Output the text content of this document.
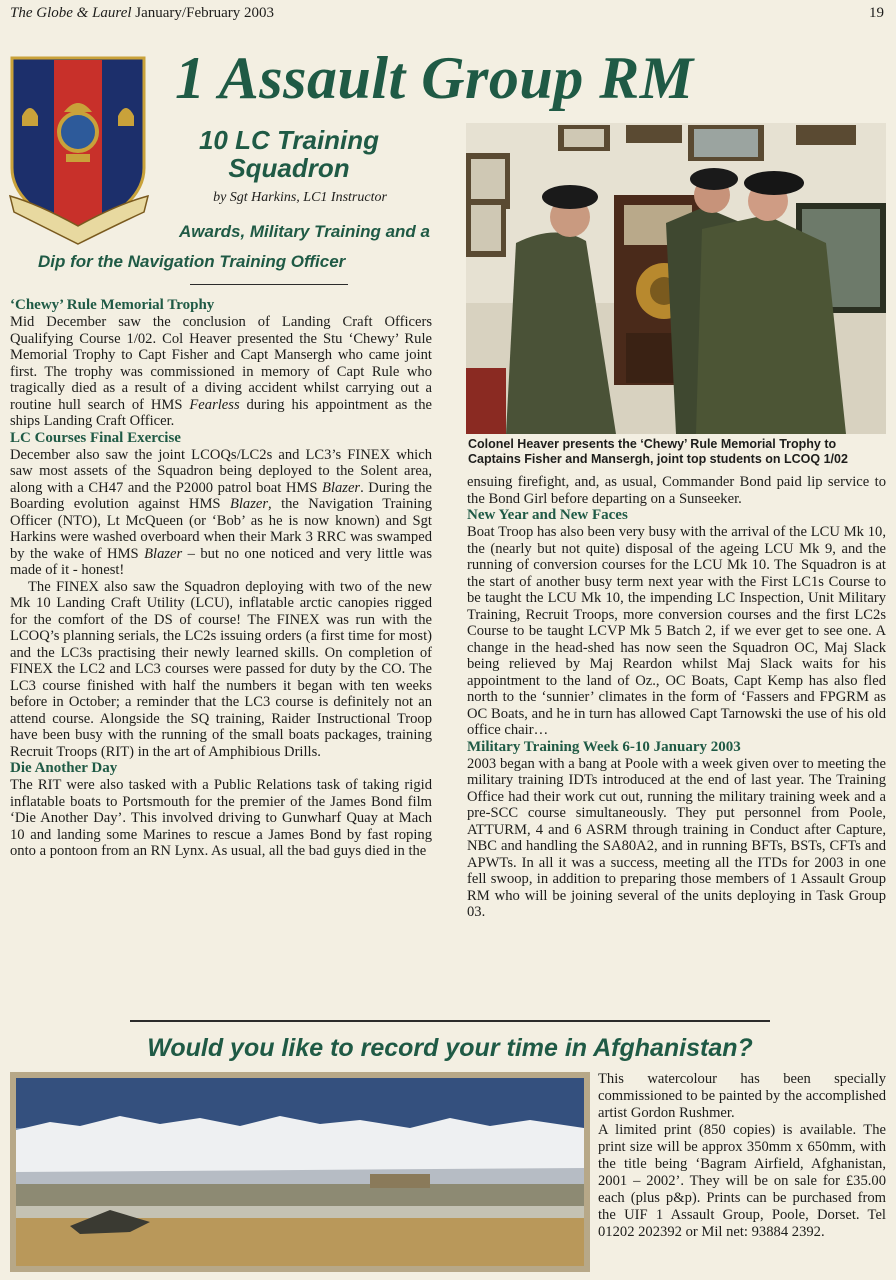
The Globe & Laurel January/February 2003	19
1 Assault Group RM
10 LC Training Squadron
by Sgt Harkins, LC1 Instructor
Awards, Military Training and a
Dip for the Navigation Training Officer
‘Chewy’ Rule Memorial Trophy

Mid December saw the conclusion of Landing Craft Officers Qualifying Course 1/02. Col Heaver presented the Stu ‘Chewy’ Rule Memorial Trophy to Capt Fisher and Capt Mansergh who came joint first. The trophy was commissioned in memory of Capt Rule who tragically died as a result of a diving accident whilst carrying out a routine hull search of HMS Fearless during his appointment as the ships Landing Craft Officer.

LC Courses Final Exercise

December also saw the joint LCOQs/LC2s and LC3’s FINEX which saw most assets of the Squadron being deployed to the Solent area, along with a CH47 and the P2000 patrol boat HMS Blazer. During the Boarding evolution against HMS Blazer, the Navigation Training Officer (NTO), Lt McQueen (or ‘Bob’ as he is now known) and Sgt Harkins were washed overboard when their Mark 3 RRC was swamped by the wake of HMS Blazer – but no one noticed and very little was made of it - honest!

The FINEX also saw the Squadron deploying with two of the new Mk 10 Landing Craft Utility (LCU), inflatable arctic canopies rigged for the comfort of the DS of course! The FINEX was run with the LCOQ’s planning serials, the LC2s issuing orders (a first time for most) and the LC3s practising their newly learned skills. On completion of FINEX the LC2 and LC3 courses were passed for duty by the CO. The LC3 course finished with half the numbers it began with ten weeks before in October; a reminder that the LC3 course is definitely not an attend course. Alongside the SQ training, Raider Instructional Troop have been busy with the running of the small boats packages, training Recruit Troops (RIT) in the art of Amphibious Drills.

Die Another Day

The RIT were also tasked with a Public Relations task of taking rigid inflatable boats to Portsmouth for the premier of the James Bond film ‘Die Another Day’. This involved driving to Gunwharf Quay at Mach 10 and landing some Marines to rescue a James Bond by fast roping onto a pontoon from an RN Lynx. As usual, all the bad guys died in the

Colonel Heaver presents the ‘Chewy’ Rule Memorial Trophy to Captains Fisher and Mansergh, joint top students on LCOQ 1/02

ensuing firefight, and, as usual, Commander Bond paid lip service to the Bond Girl before departing on a Sunseeker.

New Year and New Faces

Boat Troop has also been very busy with the arrival of the LCU Mk 10, the (nearly but not quite) disposal of the ageing LCU Mk 9, and the running of conversion courses for the LCU Mk 10. The Squadron is at the start of another busy term next year with the First LC1s Course to be taught the LCU Mk 10, the impending LC Inspection, Unit Military Training, Recruit Troops, more conversion courses and the first LC2s Course to be taught LCVP Mk 5 Batch 2, if we ever get to see one. A change in the head-shed has now seen the Squadron OC, Maj Slack being relieved by Maj Reardon whilst Maj Slack waits for his appointment to the land of Oz., OC Boats, Capt Kemp has also fled north to the ‘sunnier’ climates in the form of ‘Fassers and FPGRM as OC Boats, and he in turn has allowed Capt Tarnowski the use of his old office chair…

Military Training Week 6-10 January 2003

2003 began with a bang at Poole with a week given over to meeting the military training IDTs introduced at the end of last year. The Training Office had their work cut out, running the military training week and a pre-SCC course simultaneously. They put personnel from Poole, ATTURM, 4 and 6 ASRM through training in Conduct after Capture, NBC and handling the SA80A2, and in running BFTs, BSTs, CFTs and APWTs. In all it was a success, meeting all the ITDs for 2003 in one fell swoop, in addition to preparing those members of 1 Assault Group RM who will be joining several of the units deploying in Task Group 03.

Would you like to record your time in Afghanistan?

This watercolour has been specially commissioned to be painted by the accomplished artist Gordon Rushmer.

A limited print (850 copies) is available. The print size will be approx 350mm x 650mm, with the title being ‘Bagram Airfield, Afghanistan, 2001 – 2002’. They will be on sale for £35.00 each (plus p&p). Prints can be purchased from the UIF 1 Assault Group, Poole, Dorset. Tel 01202 202392 or Mil net: 93884 2392.
